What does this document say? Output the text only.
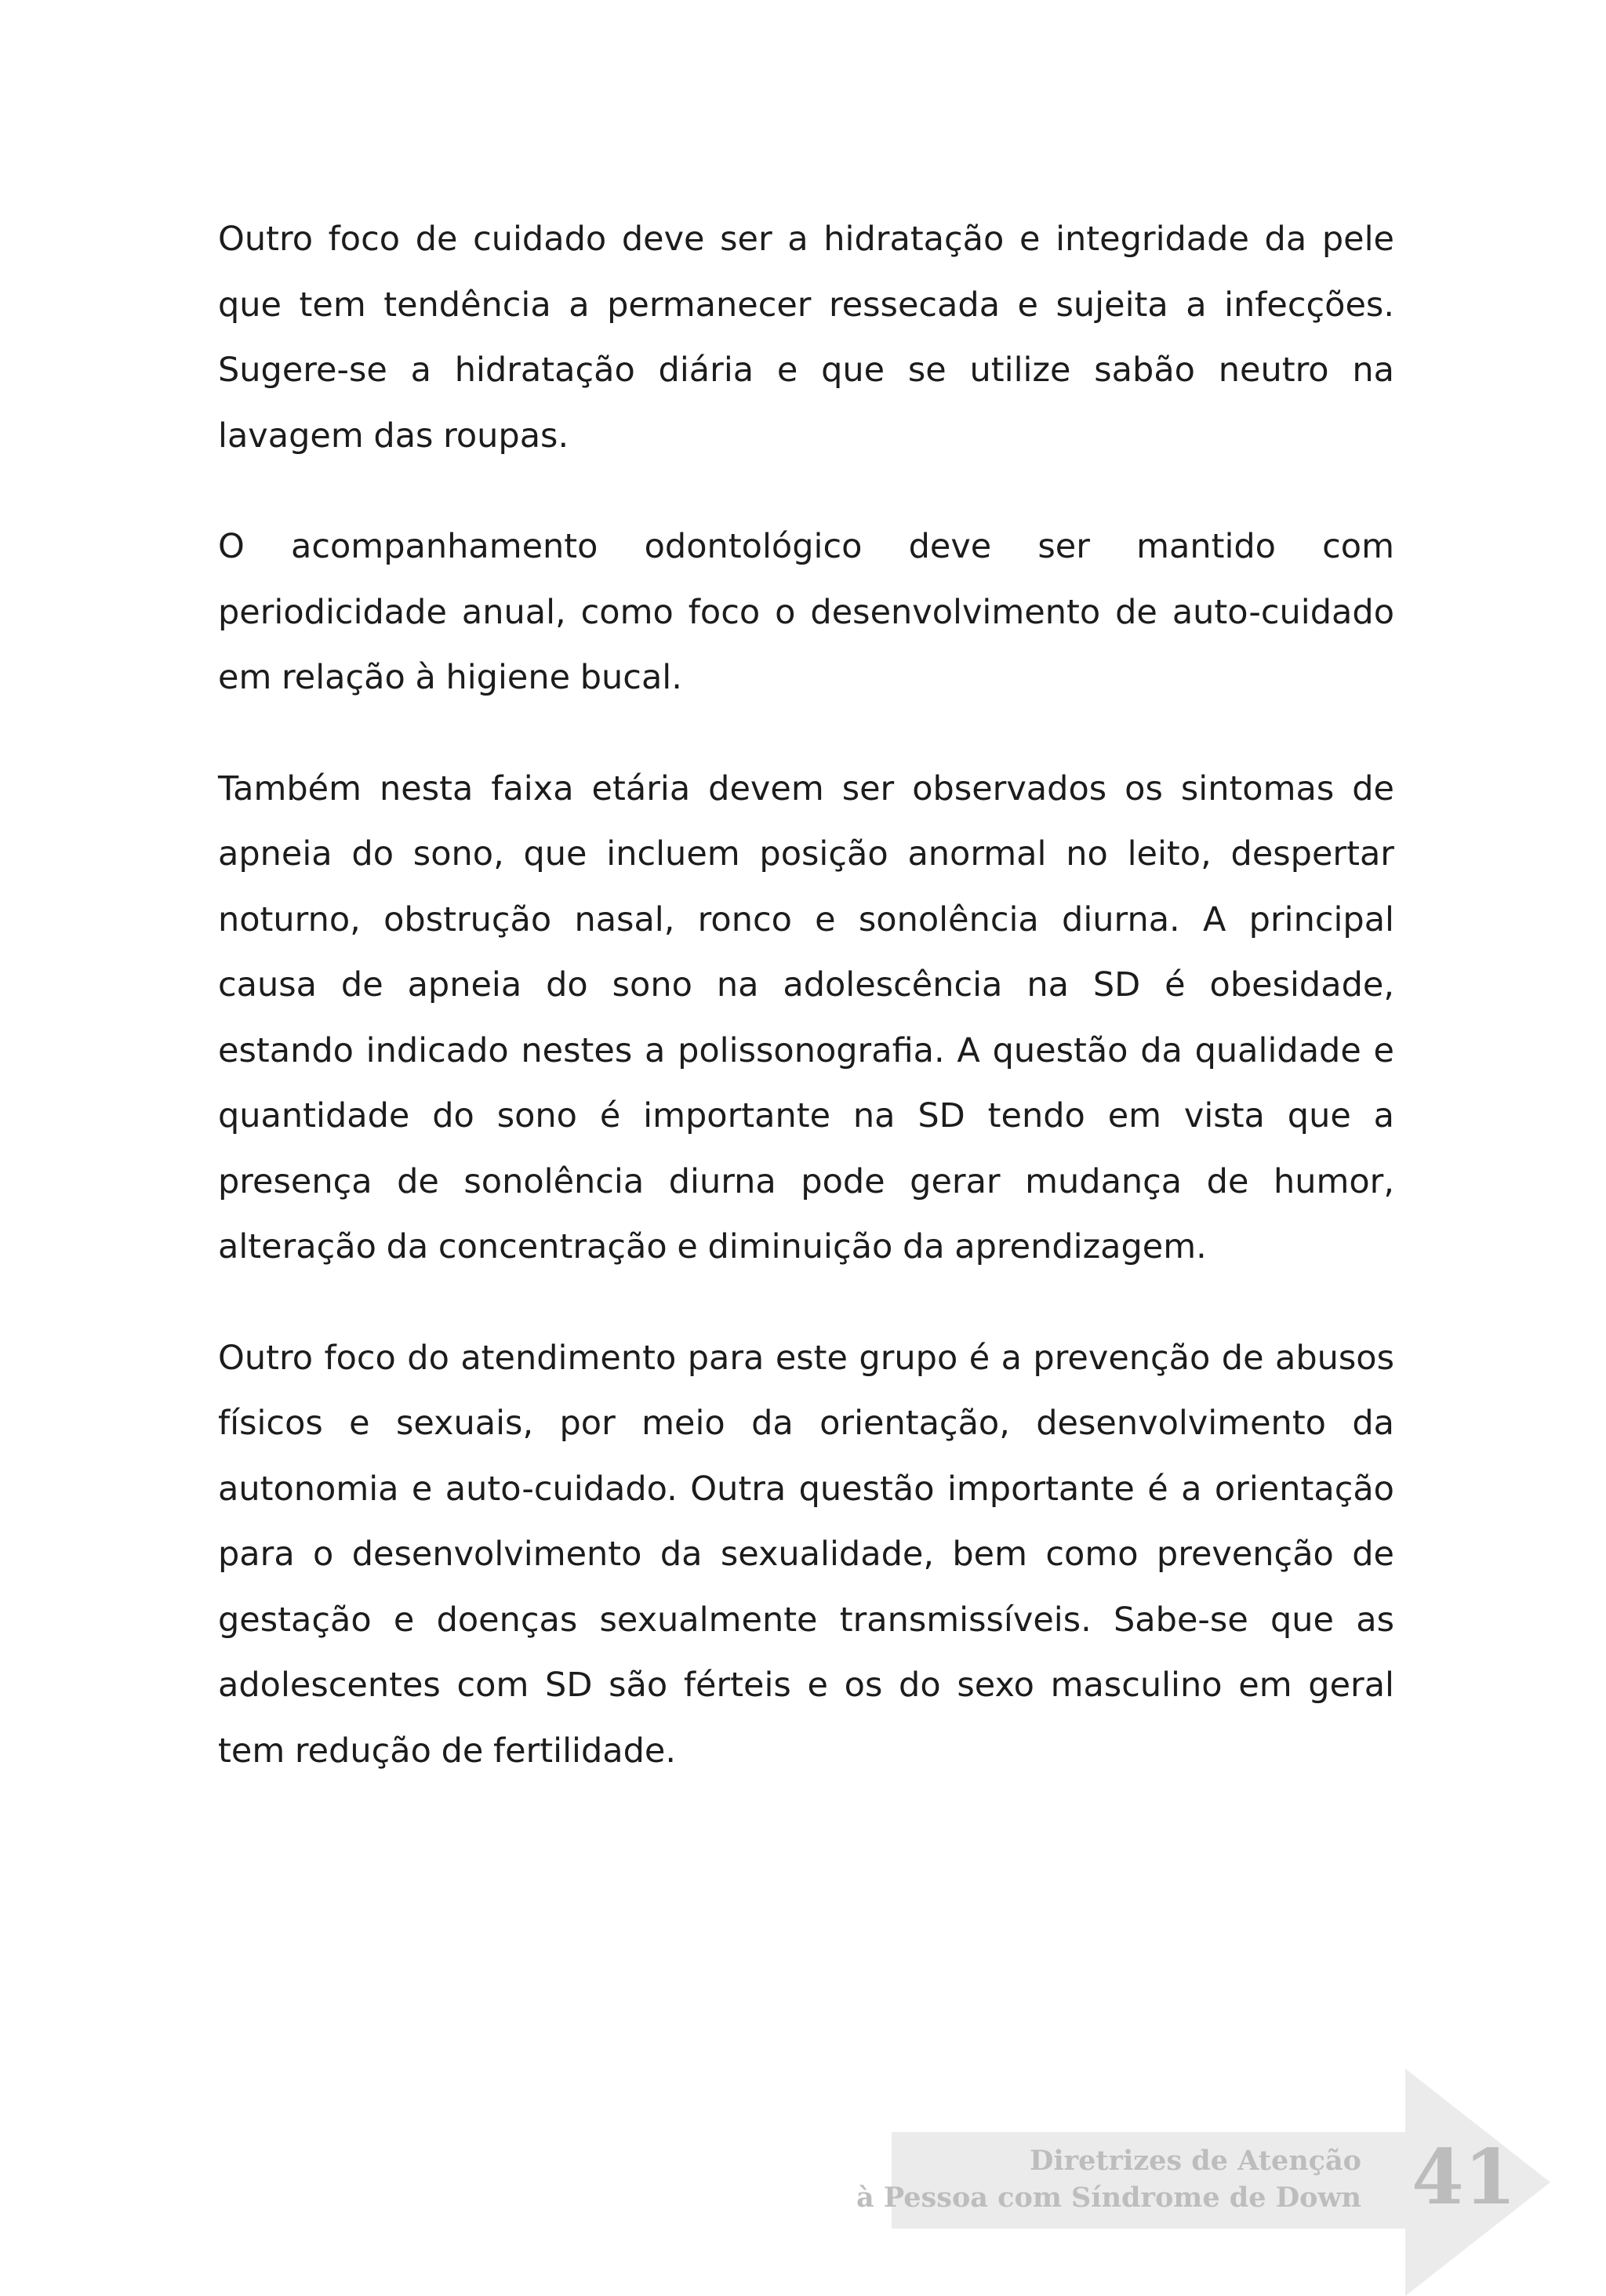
Outro foco de cuidado deve ser a hidratação e integridade da pele que tem tendência a permanecer ressecada e sujeita a infecções. Sugere-se a hidratação diária e que se utilize sabão neutro na lavagem das roupas.

O acompanhamento odontológico deve ser mantido com periodicidade anual, como foco o desenvolvimento de auto-cuidado em relação à higiene bucal.

Também nesta faixa etária devem ser observados os sintomas de apneia do sono, que incluem posição anormal no leito, despertar noturno, obstrução nasal, ronco e sonolência diurna. A principal causa de apneia do sono na adolescência na SD é obesidade, estando indicado nestes a polissonografia. A questão da qualidade e quantidade do sono é importante na SD tendo em vista que a presença de sonolência diurna pode gerar mudança de humor, alteração da concentração e diminuição da aprendizagem.

Outro foco do atendimento para este grupo é a prevenção de abusos físicos e sexuais, por meio da orientação, desenvolvimento da autonomia e auto-cuidado. Outra questão importante é a orientação para o desenvolvimento da sexualidade, bem como prevenção de gestação e doenças sexualmente transmissíveis. Sabe-se que as adolescentes com SD são férteis e os do sexo masculino em geral tem redução de fertilidade.

Diretrizes de Atenção
à Pessoa com Síndrome de Down 41
